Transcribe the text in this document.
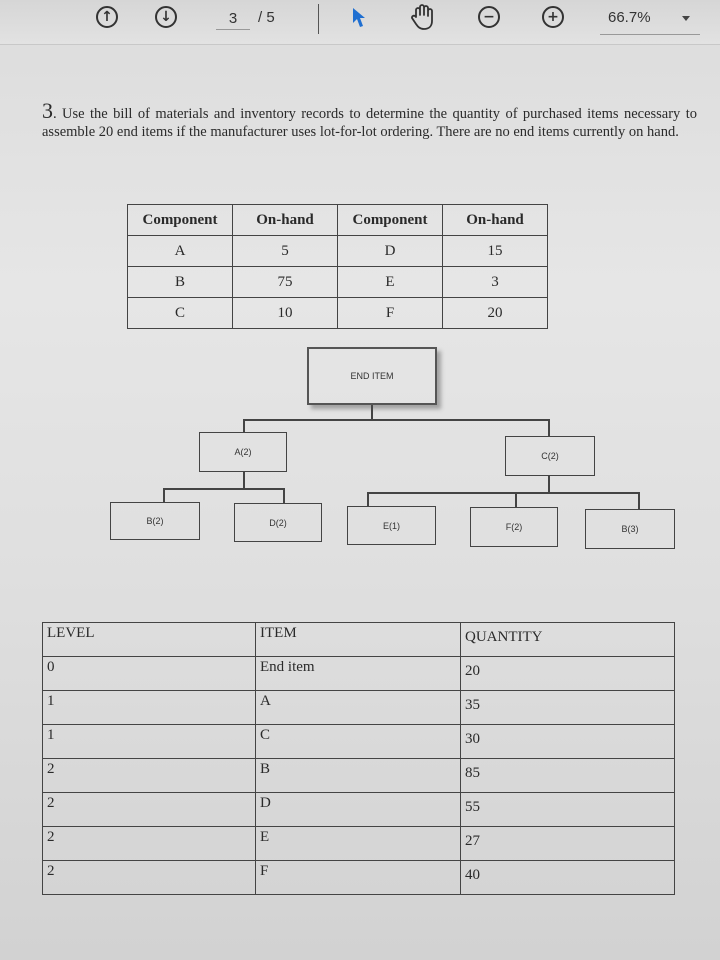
↑	↓
3	/ 5	−	+	66.7%
3. Use the bill of materials and inventory records to determine the quantity of purchased items necessary to assemble 20 end items if the manufacturer uses lot-for-lot ordering. There are no end items currently on hand.
Component	On-hand	Component	On-hand
A	5	D	15
B	75	E	3
C	10	F	20
END ITEM
A(2)	C(2)
B(2)	D(2)	E(1)	F(2)	B(3)
LEVEL	ITEM	QUANTITY
0	End item	20
1	A	35
1	C	30
2	B	85
2	D	55
2	E	27
2	F	40
